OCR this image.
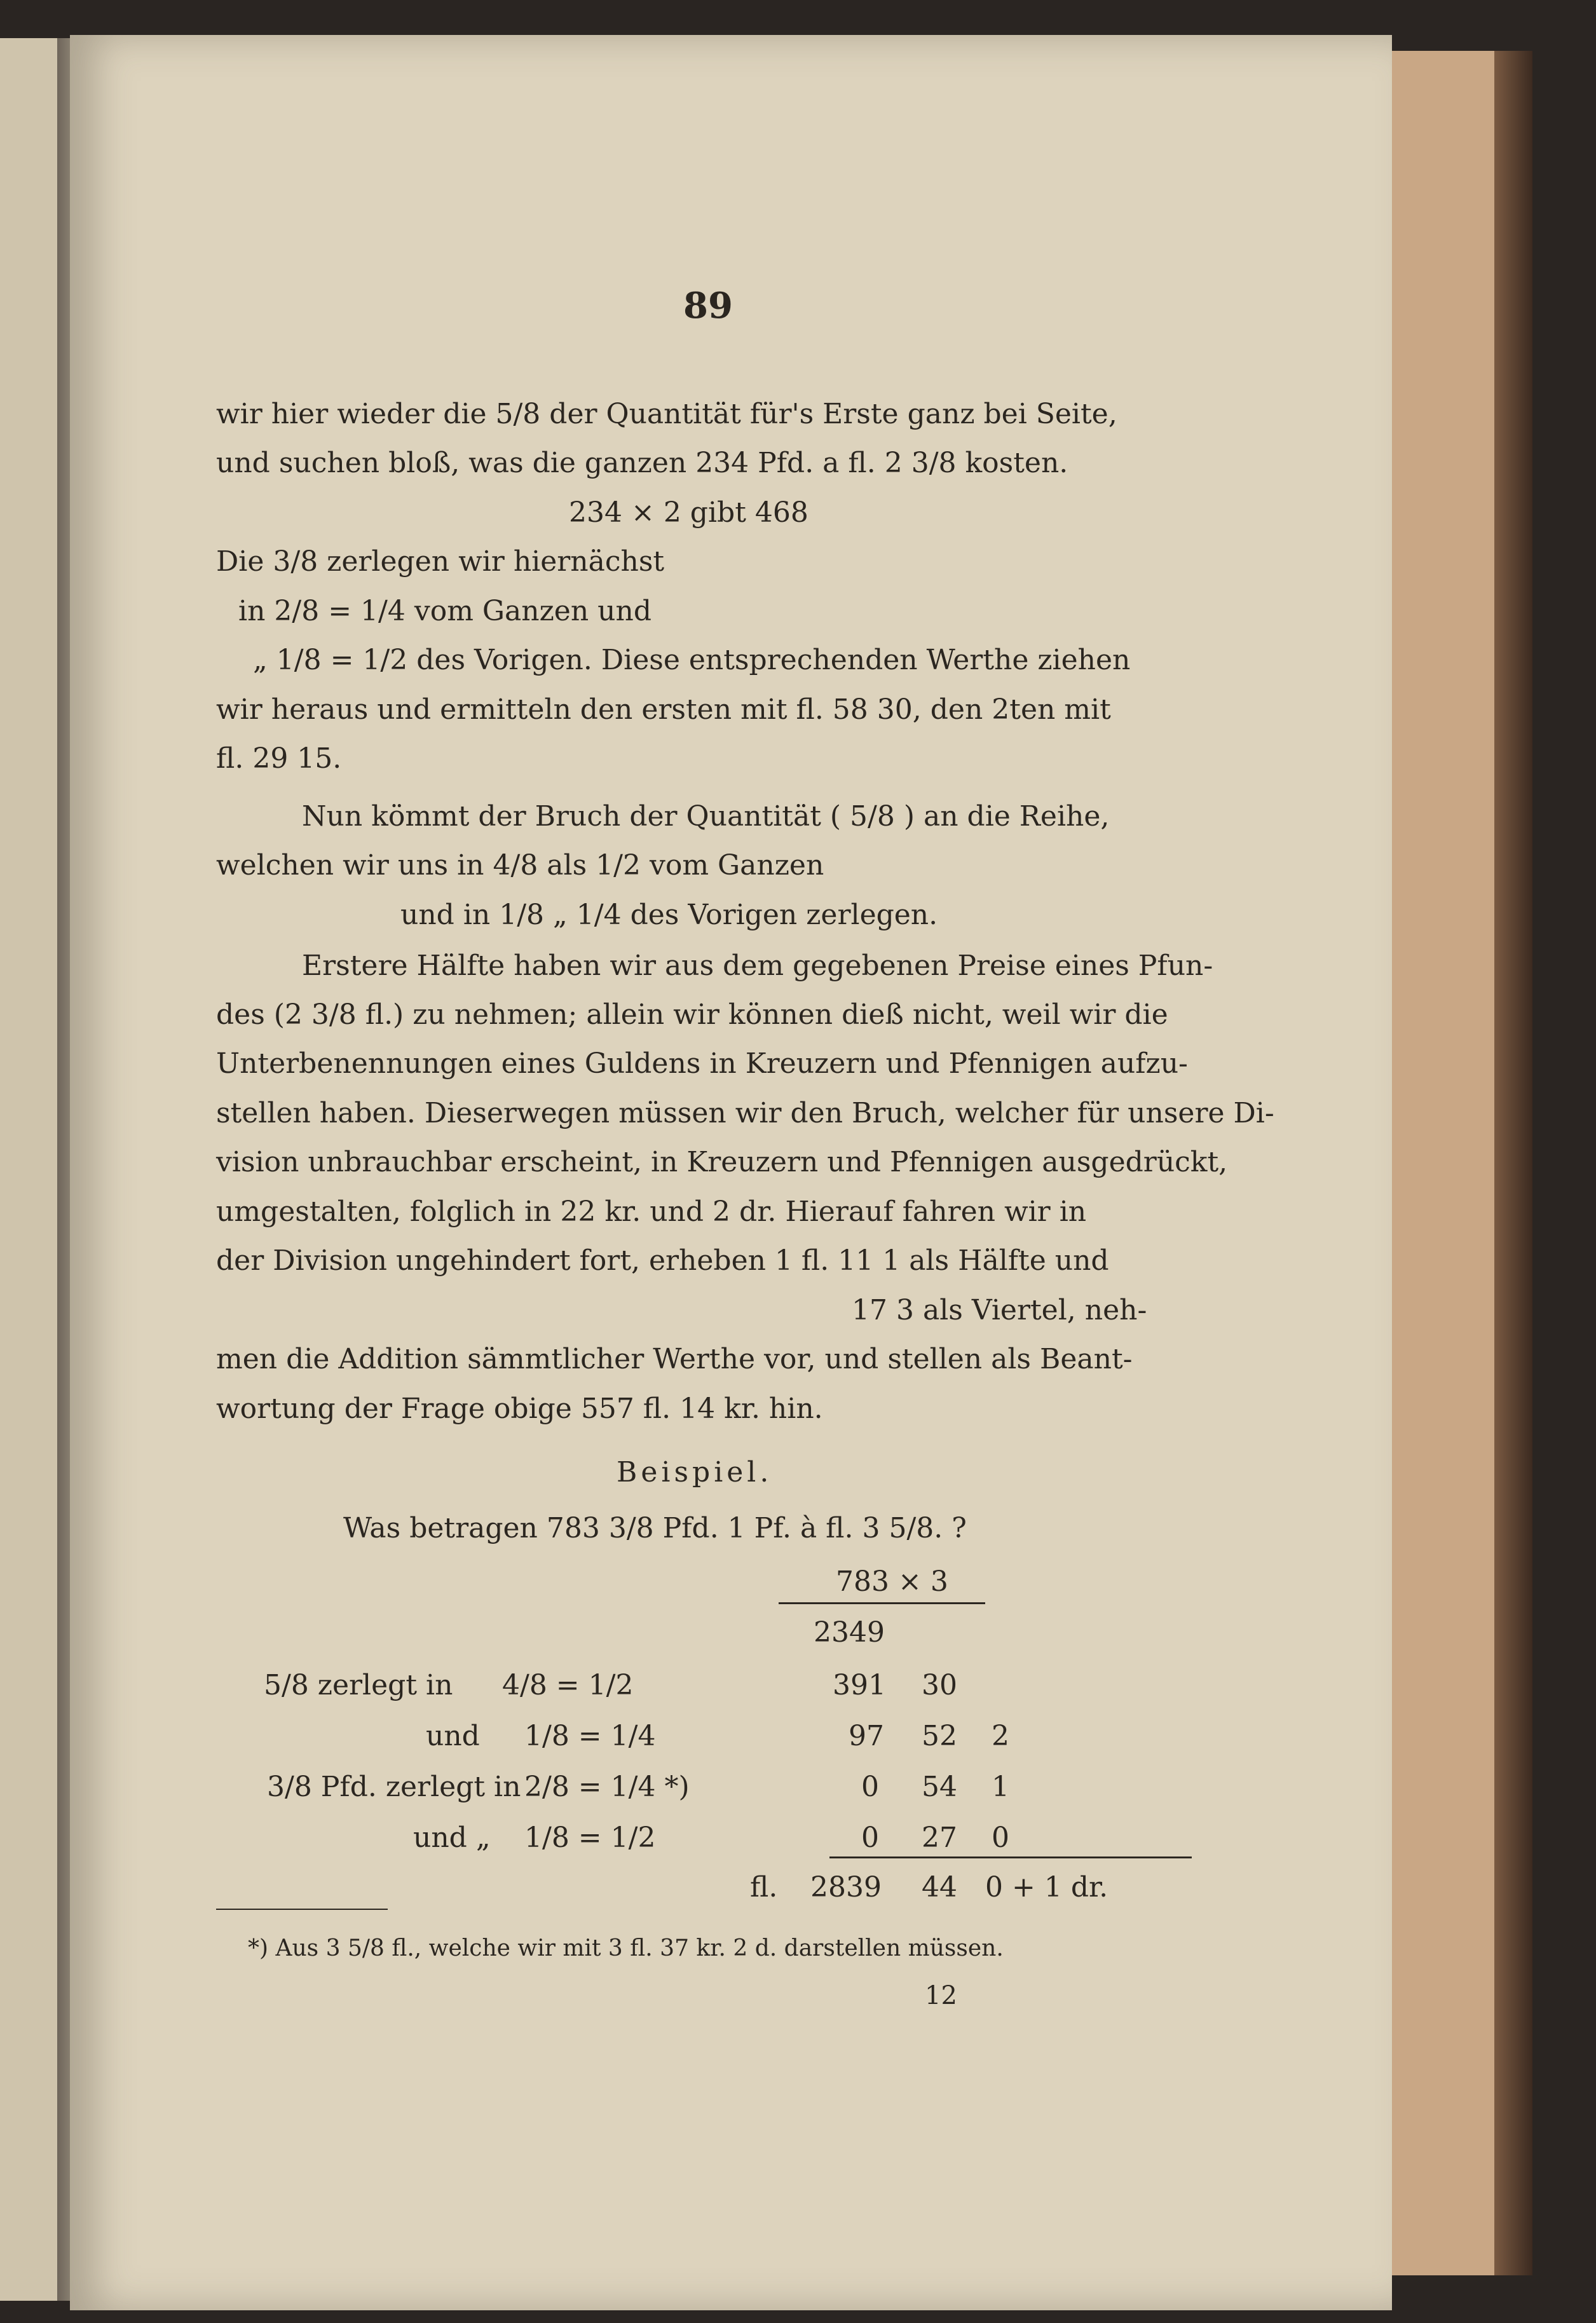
89
wir hier wieder die 5/8 der Quantität für's Erste ganz bei Seite,
und suchen bloß, was die ganzen 234 Pfd. a fl. 2 3/8 kosten.
234 × 2 gibt 468
Die 3/8 zerlegen wir hiernächst
in 2/8 = 1/4 vom Ganzen und
„ 1/8 = 1/2 des Vorigen. Diese entsprechenden Werthe ziehen
wir heraus und ermitteln den ersten mit fl. 58 30, den 2ten mit
fl. 29 15.
Nun kömmt der Bruch der Quantität ( 5/8 ) an die Reihe,
welchen wir uns in 4/8 als 1/2 vom Ganzen
und in 1/8 „ 1/4 des Vorigen zerlegen.
Erstere Hälfte haben wir aus dem gegebenen Preise eines Pfun-
des (2 3/8 fl.) zu nehmen; allein wir können dieß nicht, weil wir die
Unterbenennungen eines Guldens in Kreuzern und Pfennigen aufzu-
stellen haben. Dieserwegen müssen wir den Bruch, welcher für unsere Di-
vision unbrauchbar erscheint, in Kreuzern und Pfennigen ausgedrückt,
umgestalten, folglich in 22 kr. und 2 dr. Hierauf fahren wir in
der Division ungehindert fort, erheben 1 fl. 11 1 als Hälfte und
17 3 als Viertel, neh-
men die Addition sämmtlicher Werthe vor, und stellen als Beant-
wortung der Frage obige 557 fl. 14 kr. hin.
Beispiel.
Was betragen 783 3/8 Pfd. 1 Pf. à fl. 3 5/8. ?
783 × 3
2349
5/8 zerlegt in 4/8 = 1/2	391 30
und 1/8 = 1/4	97 52 2
3/8 Pfd. zerlegt in 2/8 = 1/4 *)	0 54 1
und „ 1/8 = 1/2	0 27 0
fl. 2839 44 0 + 1 dr.
*) Aus 3 5/8 fl., welche wir mit 3 fl. 37 kr. 2 d. darstellen müssen.
12
